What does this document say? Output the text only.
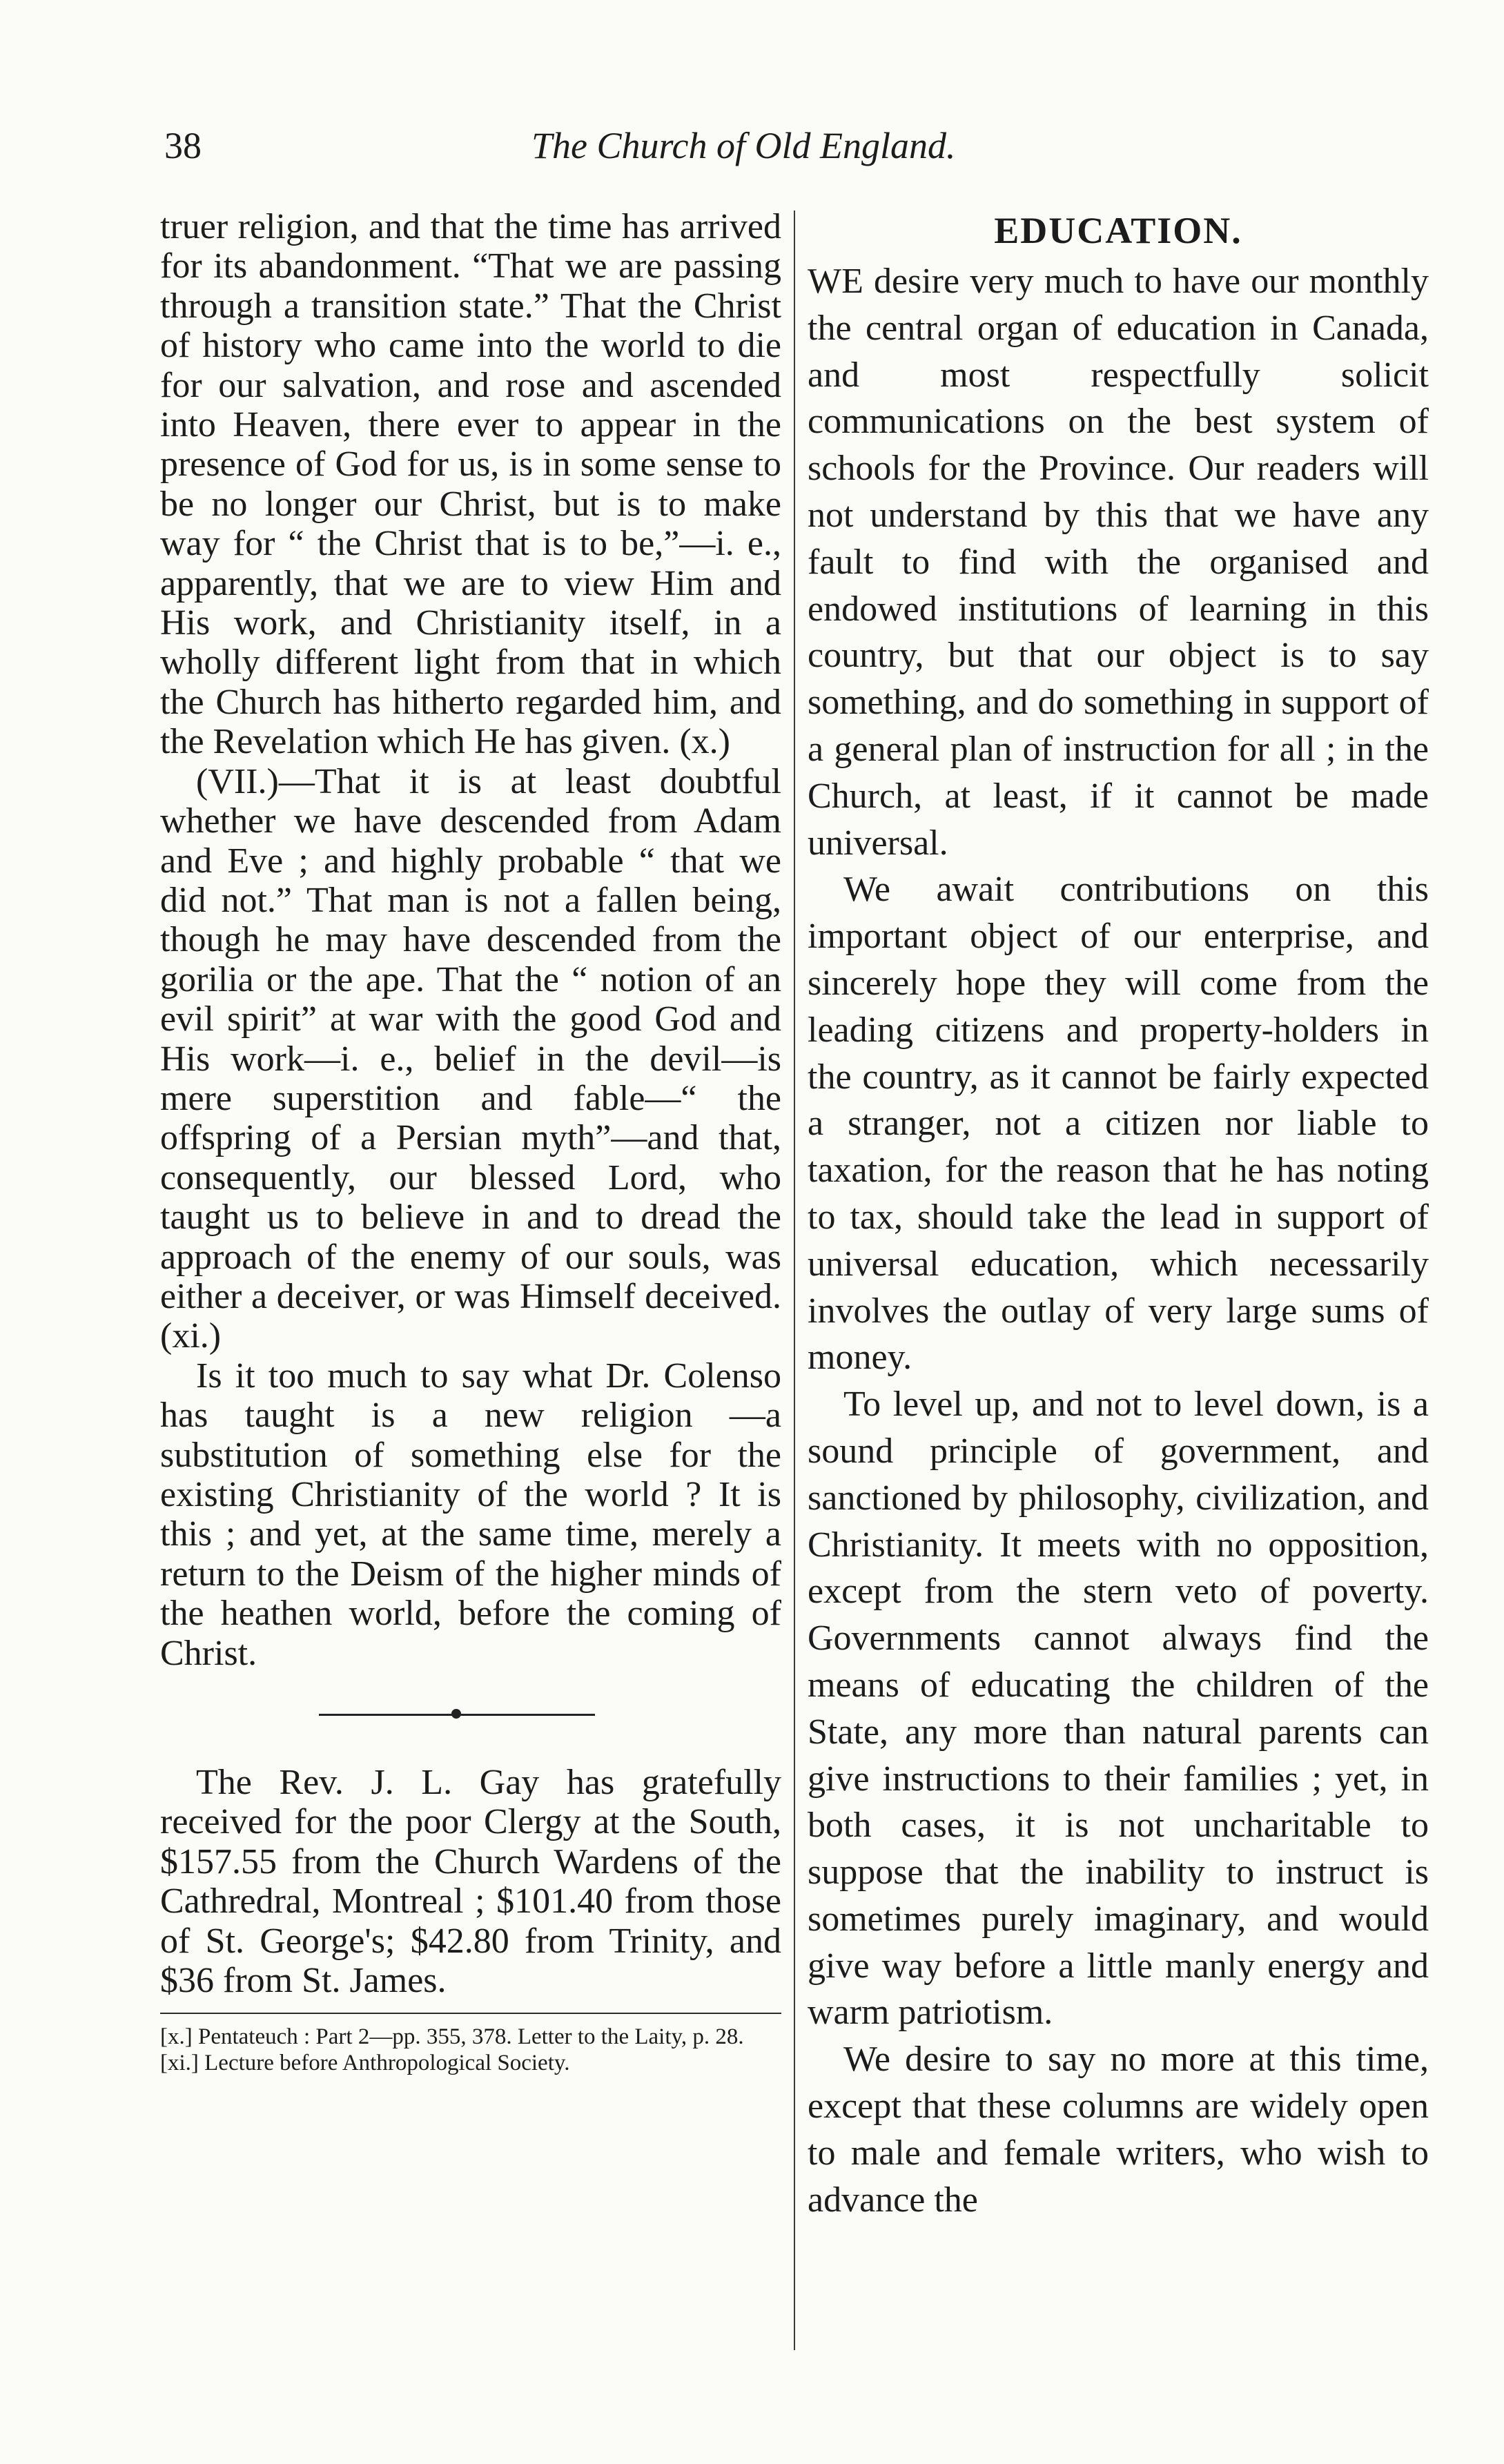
38	The Church of Old England.

truer religion, and that the time has arrived for its abandonment. “That we are passing through a transition state.” That the Christ of history who came into the world to die for our salvation, and rose and ascended into Heaven, there ever to appear in the presence of God for us, is in some sense to be no longer our Christ, but is to make way for “ the Christ that is to be,”—i. e., apparently, that we are to view Him and His work, and Christianity itself, in a wholly different light from that in which the Church has hitherto regarded him, and the Revelation which He has given. (x.)

(VII.)—That it is at least doubtful whether we have descended from Adam and Eve ; and highly probable “ that we did not.” That man is not a fallen being, though he may have descended from the gorilia or the ape. That the “ notion of an evil spirit” at war with the good God and His work—i. e., belief in the devil—is mere superstition and fable—“ the offspring of a Persian myth”—and that, consequently, our blessed Lord, who taught us to believe in and to dread the approach of the enemy of our souls, was either a deceiver, or was Himself deceived. (xi.)

Is it too much to say what Dr. Colenso has taught is a new religion —a substitution of something else for the existing Christianity of the world ? It is this ; and yet, at the same time, merely a return to the Deism of the higher minds of the heathen world, before the coming of Christ.

The Rev. J. L. Gay has gratefully received for the poor Clergy at the South, $157.55 from the Church Wardens of the Cathredral, Montreal ; $101.40 from those of St. George's; $42.80 from Trinity, and $36 from St. James.

[x.] Pentateuch : Part 2—pp. 355, 378. Letter to the Laity, p. 28.
[xi.] Lecture before Anthropological Society.
EDUCATION.

WE desire very much to have our monthly the central organ of education in Canada, and most respectfully solicit communications on the best system of schools for the Province. Our readers will not understand by this that we have any fault to find with the organised and endowed institutions of learning in this country, but that our object is to say something, and do something in support of a general plan of instruction for all ; in the Church, at least, if it cannot be made universal.

We await contributions on this important object of our enterprise, and sincerely hope they will come from the leading citizens and property-holders in the country, as it cannot be fairly expected a stranger, not a citizen nor liable to taxation, for the reason that he has noting to tax, should take the lead in support of universal education, which necessarily involves the outlay of very large sums of money.

To level up, and not to level down, is a sound principle of government, and sanctioned by philosophy, civilization, and Christianity. It meets with no opposition, except from the stern veto of poverty. Governments cannot always find the means of educating the children of the State, any more than natural parents can give instructions to their families ; yet, in both cases, it is not uncharitable to suppose that the inability to instruct is sometimes purely imaginary, and would give way before a little manly energy and warm patriotism.

We desire to say no more at this time, except that these columns are widely open to male and female writers, who wish to advance the
